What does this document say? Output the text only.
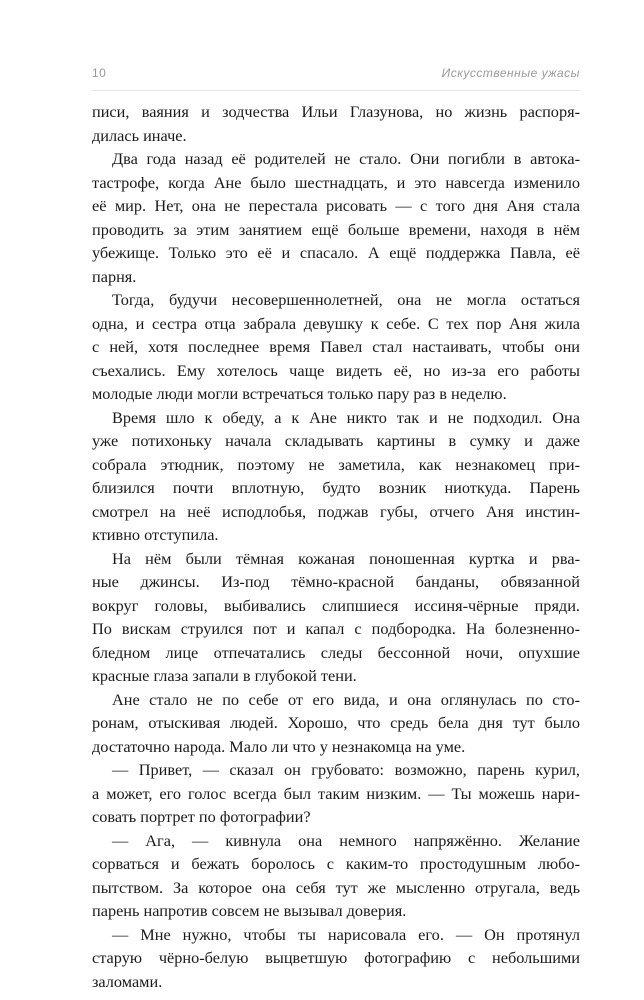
10	Искусственные ужасы
писи, ваяния и зодчества Ильи Глазунова, но жизнь распоря-
дилась иначе.
Два года назад её родителей не стало. Они погибли в автока-
тастрофе, когда Ане было шестнадцать, и это навсегда изменило
её мир. Нет, она не перестала рисовать — с того дня Аня стала
проводить за этим занятием ещё больше времени, находя в нём
убежище. Только это её и спасало. А ещё поддержка Павла, её
парня.
Тогда, будучи несовершеннолетней, она не могла остаться
одна, и сестра отца забрала девушку к себе. С тех пор Аня жила
с ней, хотя последнее время Павел стал настаивать, чтобы они
съехались. Ему хотелось чаще видеть её, но из-за его работы
молодые люди могли встречаться только пару раз в неделю.
Время шло к обеду, а к Ане никто так и не подходил. Она
уже потихоньку начала складывать картины в сумку и даже
собрала этюдник, поэтому не заметила, как незнакомец при-
близился почти вплотную, будто возник ниоткуда. Парень
смотрел на неё исподлобья, поджав губы, отчего Аня инстин-
ктивно отступила.
На нём были тёмная кожаная поношенная куртка и рва-
ные джинсы. Из-под тёмно-красной банданы, обвязанной
вокруг головы, выбивались слипшиеся иссиня-чёрные пряди.
По вискам струился пот и капал с подбородка. На болезненно-
бледном лице отпечатались следы бессонной ночи, опухшие
красные глаза запали в глубокой тени.
Ане стало не по себе от его вида, и она оглянулась по сто-
ронам, отыскивая людей. Хорошо, что средь бела дня тут было
достаточно народа. Мало ли что у незнакомца на уме.
— Привет, — сказал он грубовато: возможно, парень курил,
а может, его голос всегда был таким низким. — Ты можешь нари-
совать портрет по фотографии?
— Ага, — кивнула она немного напряжённо. Желание
сорваться и бежать боролось с каким-то простодушным любо-
пытством. За которое она себя тут же мысленно отругала, ведь
парень напротив совсем не вызывал доверия.
— Мне нужно, чтобы ты нарисовала его. — Он протянул
старую чёрно-белую выцветшую фотографию с небольшими
заломами.
